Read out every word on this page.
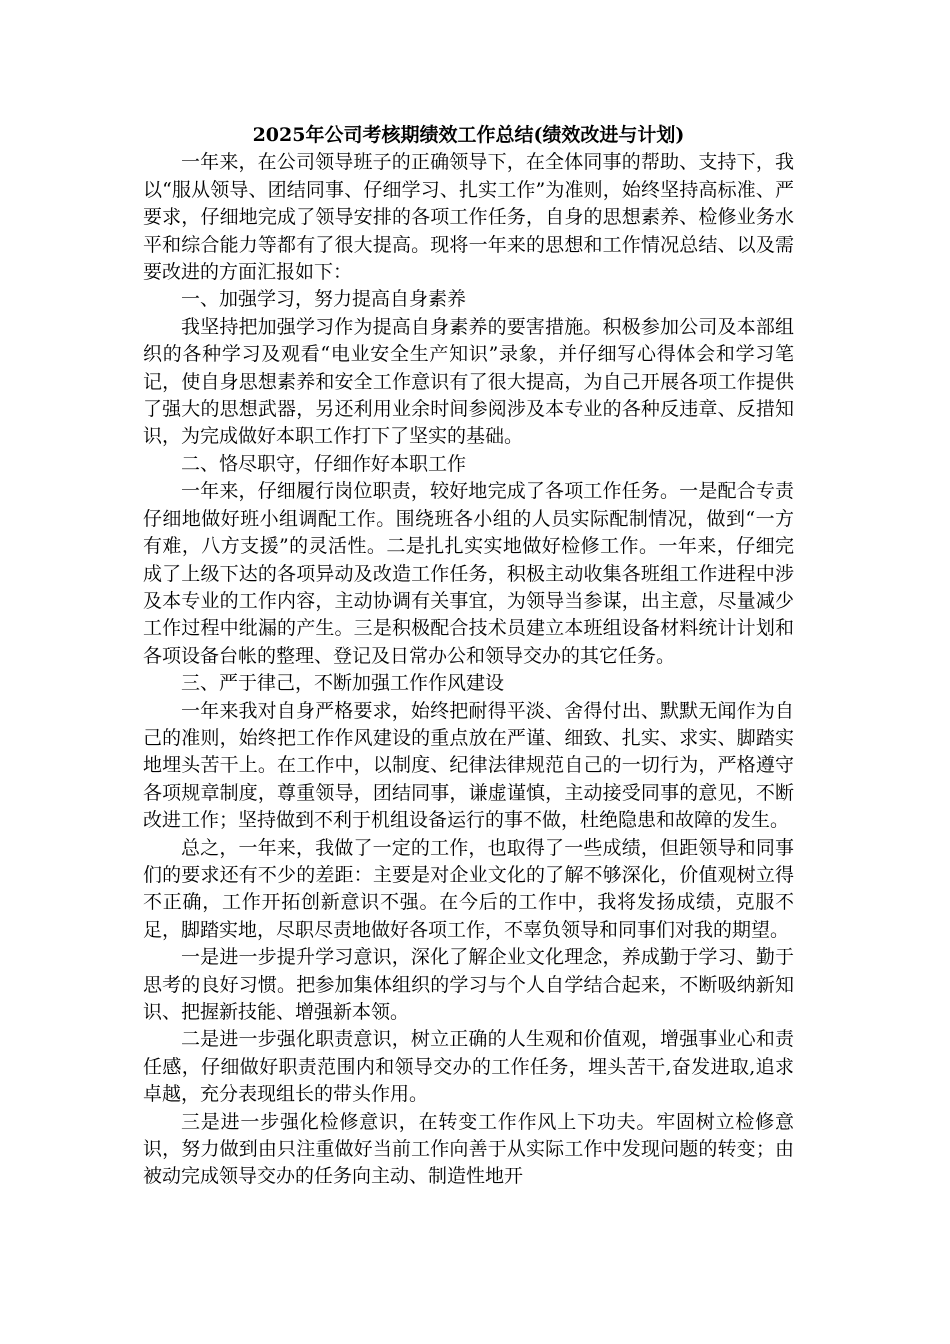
2025年公司考核期绩效工作总结(绩效改进与计划)

一年来，在公司领导班子的正确领导下，在全体同事的帮助、支持下，我以“服从领导、团结同事、仔细学习、扎实工作”为准则，始终坚持高标准、严要求，仔细地完成了领导安排的各项工作任务，自身的思想素养、检修业务水平和综合能力等都有了很大提高。现将一年来的思想和工作情况总结、以及需要改进的方面汇报如下：

一、加强学习，努力提高自身素养

我坚持把加强学习作为提高自身素养的要害措施。积极参加公司及本部组织的各种学习及观看“电业安全生产知识”录象，并仔细写心得体会和学习笔记，使自身思想素养和安全工作意识有了很大提高，为自己开展各项工作提供了强大的思想武器，另还利用业余时间参阅涉及本专业的各种反违章、反措知识，为完成做好本职工作打下了坚实的基础。

二、恪尽职守，仔细作好本职工作

一年来，仔细履行岗位职责，较好地完成了各项工作任务。一是配合专责仔细地做好班小组调配工作。围绕班各小组的人员实际配制情况，做到“一方有难，八方支援”的灵活性。二是扎扎实实地做好检修工作。一年来，仔细完成了上级下达的各项异动及改造工作任务，积极主动收集各班组工作进程中涉及本专业的工作内容，主动协调有关事宜，为领导当参谋，出主意，尽量减少工作过程中纰漏的产生。三是积极配合技术员建立本班组设备材料统计计划和各项设备台帐的整理、登记及日常办公和领导交办的其它任务。

三、严于律己，不断加强工作作风建设

一年来我对自身严格要求，始终把耐得平淡、舍得付出、默默无闻作为自己的准则，始终把工作作风建设的重点放在严谨、细致、扎实、求实、脚踏实地埋头苦干上。在工作中，以制度、纪律法律规范自己的一切行为，严格遵守各项规章制度，尊重领导，团结同事，谦虚谨慎，主动接受同事的意见，不断改进工作；坚持做到不利于机组设备运行的事不做，杜绝隐患和故障的发生。

总之，一年来，我做了一定的工作，也取得了一些成绩，但距领导和同事们的要求还有不少的差距：主要是对企业文化的了解不够深化，价值观树立得不正确，工作开拓创新意识不强。在今后的工作中，我将发扬成绩，克服不足，脚踏实地，尽职尽责地做好各项工作，不辜负领导和同事们对我的期望。

一是进一步提升学习意识，深化了解企业文化理念，养成勤于学习、勤于思考的良好习惯。把参加集体组织的学习与个人自学结合起来，不断吸纳新知识、把握新技能、增强新本领。

二是进一步强化职责意识，树立正确的人生观和价值观，增强事业心和责任感，仔细做好职责范围内和领导交办的工作任务，埋头苦干,奋发进取,追求卓越，充分表现组长的带头作用。

三是进一步强化检修意识，在转变工作作风上下功夫。牢固树立检修意识，努力做到由只注重做好当前工作向善于从实际工作中发现问题的转变；由被动完成领导交办的任务向主动、制造性地开
